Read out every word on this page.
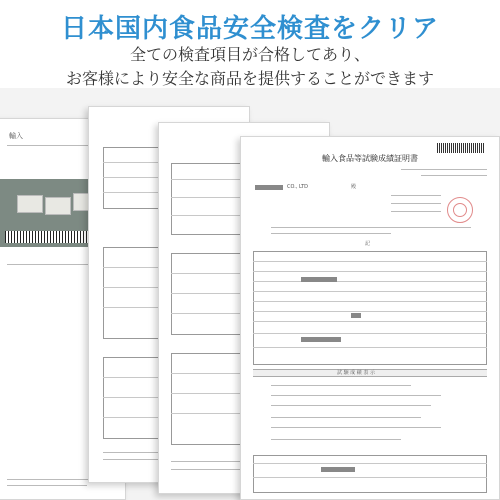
日本国内食品安全検査をクリア
全ての検査項目が合格してあり、
お客様により安全な商品を提供することができます
輸入
輸入食品等試験成績証明書
CO., LTD	殿
記
試 験 成 績 表 示
